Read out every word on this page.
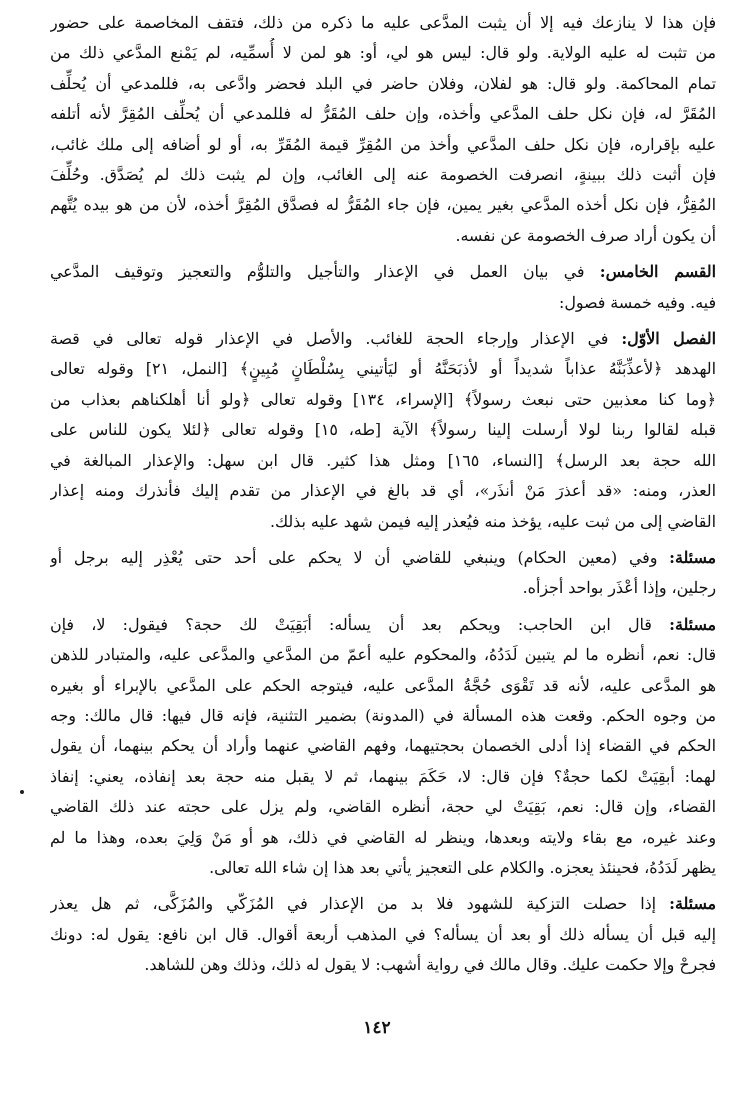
فإن هذا لا ينازعك فيه إلا أن يثبت المدَّعى عليه ما ذكره من ذلك، فتقف المخاصمة على حضور
من تثبت له عليه الولاية. ولو قال: ليس هو لي، أو: هو لمن لا أُسمِّيه، لم يَمْنع المدَّعي ذلك من
تمام المحاكمة. ولو قال: هو لفلان، وفلان حاضر في البلد فحضر وادَّعى به، فللمدعي أن يُحلِّف
المُقَرَّ له، فإن نكل حلف المدَّعي وأخذه، وإن حلف المُقَرُّ له فللمدعي أن يُحلِّف المُقِرَّ لأنه أتلفه
عليه بإقراره، فإن نكل حلف المدَّعي وأخذ من المُقِرِّ قيمة المُقَرِّ به، أو لو أضافه إلى ملك غائب،
فإن أثبت ذلك ببينةٍ، انصرفت الخصومة عنه إلى الغائب، وإن لم يثبت ذلك لم يُصَدَّق. وحُلِّفَ
المُقِرُّ، فإن نكل أخذه المدَّعي بغير يمين، فإن جاء المُقَرُّ له فصدَّق المُقِرَّ أخذه، لأن من هو بيده يُتَّهم
أن يكون أراد صرف الخصومة عن نفسه.
القسم الخامس: في بيان العمل في الإعذار والتأجيل والتلوُّم والتعجيز وتوقيف المدَّعي
فيه. وفيه خمسة فصول:
الفصل الأوّل: في الإعذار وإرجاء الحجة للغائب. والأصل في الإعذار قوله تعالى في قصة
الهدهد ﴿لأعذِّبَنَّهُ عذاباً شديداً أو لأذبَحَنَّهُ أو ليَأتيني بِسُلْطَانٍ مُبِينٍ﴾ [النمل، ٢١] وقوله تعالى
﴿وما كنا معذبين حتى نبعث رسولاً﴾ [الإسراء، ١٣٤] وقوله تعالى ﴿ولو أنا أهلكناهم بعذاب من
قبله لقالوا ربنا لولا أرسلت إلينا رسولاً﴾ الآية [طه، ١٥] وقوله تعالى ﴿لئلا يكون للناس على
الله حجة بعد الرسل﴾ [النساء، ١٦٥] ومثل هذا كثير. قال ابن سهل: والإعذار المبالغة في
العذر، ومنه: «قد أعذرَ مَنْ أنذَر»، أي قد بالغ في الإعذار من تقدم إليك فأنذرك ومنه إعذار
القاضي إلى من ثبت عليه، يؤخذ منه فيُعذر إليه فيمن شهد عليه بذلك.
مسئلة: وفي (معين الحكام) وينبغي للقاضي أن لا يحكم على أحد حتى يُعْذِر إليه برجل أو
رجلين، وإذا أعْذَر بواحد أجزأه.
مسئلة: قال ابن الحاجب: ويحكم بعد أن يسأله: أبَقِيَتْ لك حجة؟ فيقول: لا، فإن
قال: نعم، أنظره ما لم يتبين لَدَدُهُ، والمحكوم عليه أعمّ من المدَّعي والمدَّعى عليه، والمتبادر للذهن
هو المدَّعى عليه، لأنه قد تَقْوَى حُجَّةُ المدَّعى عليه، فيتوجه الحكم على المدَّعي بالإبراء أو بغيره
من وجوه الحكم. وقعت هذه المسألة في (المدونة) بضمير التثنية، فإنه قال فيها: قال مالك: وجه
الحكم في القضاء إذا أدلى الخصمان بحجتيهما، وفهم القاضي عنهما وأراد أن يحكم بينهما، أن يقول
لهما: أبقِيَتْ لكما حجةٌ؟ فإن قال: لا، حَكَمَ بينهما، ثم لا يقبل منه حجة بعد إنفاذه، يعني: إنفاذ
القضاء، وإن قال: نعم، بَقِيَتْ لي حجة، أنظره القاضي، ولم يزل على حجته عند ذلك القاضي
وعند غيره، مع بقاء ولايته وبعدها، وينظر له القاضي في ذلك، هو أو مَنْ وَلِيَ بعده، وهذا ما لم
يظهر لَدَدُهُ، فحينئذ يعجزه. والكلام على التعجيز يأتي بعد هذا إن شاء الله تعالى.
مسئلة: إذا حصلت التزكية للشهود فلا بد من الإعذار في المُزَكّي والمُزَكَّى، ثم هل يعذر
إليه قبل أن يسأله ذلك أو بعد أن يسأله؟ في المذهب أربعة أقوال. قال ابن نافع: يقول له: دونك
فجرحْ وإلا حكمت عليك. وقال مالك في رواية أشهب: لا يقول له ذلك، وذلك وهن للشاهد.
١٤٢
